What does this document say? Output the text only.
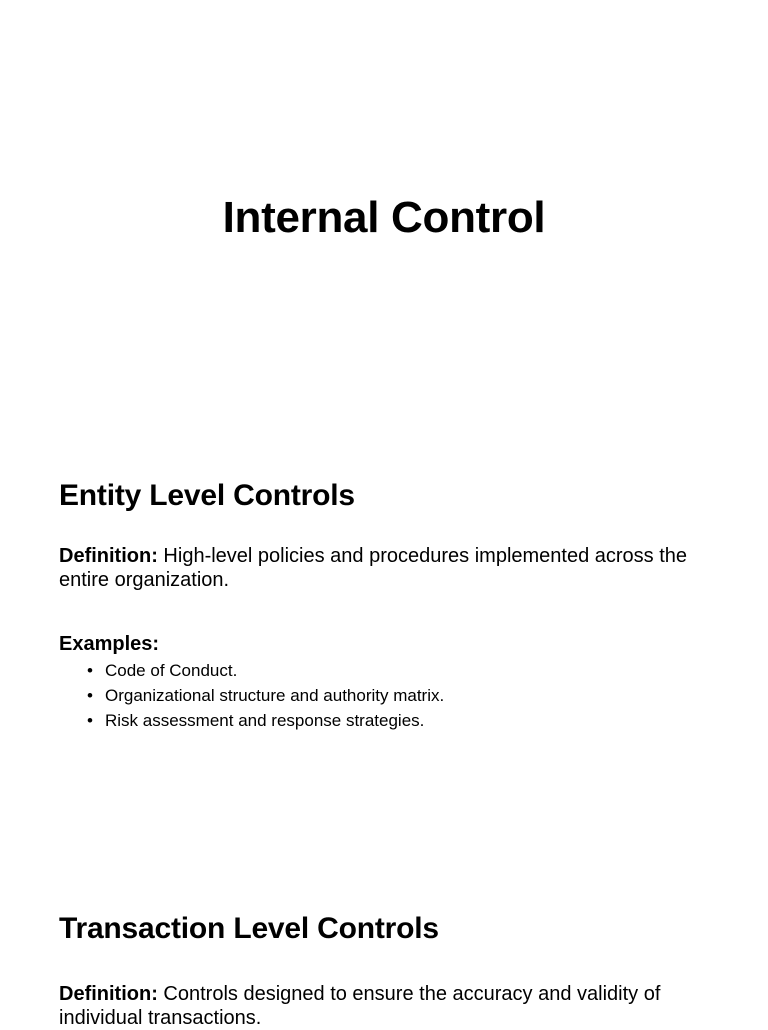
Internal Control
Entity Level Controls

Definition: High-level policies and procedures implemented across the entire organization.

Examples:

• Code of Conduct.
• Organizational structure and authority matrix.
• Risk assessment and response strategies.
Transaction Level Controls

Definition: Controls designed to ensure the accuracy and validity of individual transactions.
